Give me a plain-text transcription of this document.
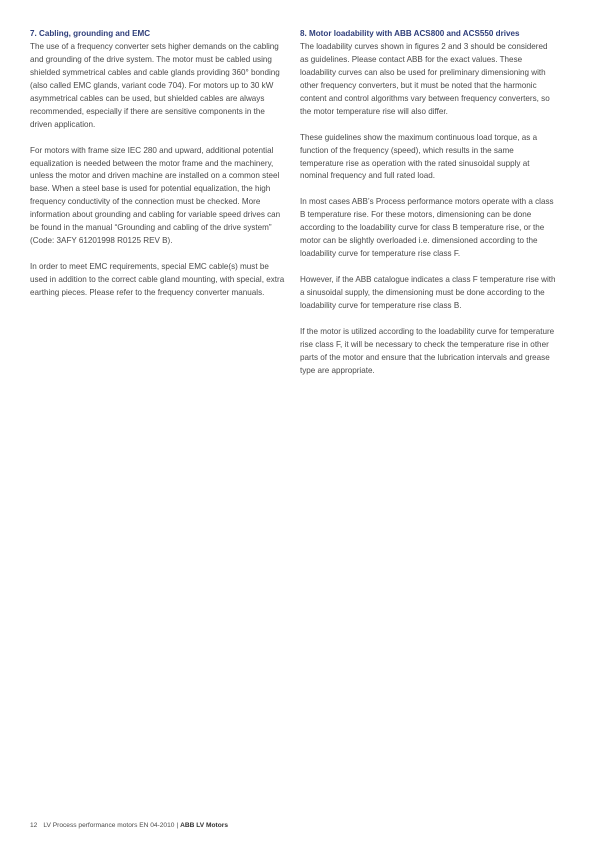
7. Cabling, grounding and EMC

The use of a frequency converter sets higher demands on the cabling and grounding of the drive system. The motor must be cabled using shielded symmetrical cables and cable glands providing 360° bonding (also called EMC glands, variant code 704). For motors up to 30 kW asymmetrical cables can be used, but shielded cables are always recommended, especially if there are sensitive components in the driven application.

For motors with frame size IEC 280 and upward, additional potential equalization is needed between the motor frame and the machinery, unless the motor and driven machine are installed on a common steel base. When a steel base is used for potential equalization, the high frequency conductivity of the connection must be checked. More information about grounding and cabling for variable speed drives can be found in the manual “Grounding and cabling of the drive system” (Code: 3AFY 61201998 R0125 REV B).

In order to meet EMC requirements, special EMC cable(s) must be used in addition to the correct cable gland mounting, with special, extra earthing pieces. Please refer to the frequency converter manuals.

8. Motor loadability with ABB ACS800 and ACS550 drives

The loadability curves shown in figures 2 and 3 should be considered as guidelines. Please contact ABB for the exact values. These loadability curves can also be used for preliminary dimensioning with other frequency converters, but it must be noted that the harmonic content and control algorithms vary between frequency converters, so the motor temperature rise will also differ.

These guidelines show the maximum continuous load torque, as a function of the frequency (speed), which results in the same temperature rise as operation with the rated sinusoidal supply at nominal frequency and full rated load.

In most cases ABB’s Process performance motors operate with a class B temperature rise. For these motors, dimensioning can be done according to the loadability curve for class B temperature rise, or the motor can be slightly overloaded i.e. dimensioned according to the loadability curve for temperature rise class F.

However, if the ABB catalogue indicates a class F temperature rise with a sinusoidal supply, the dimensioning must be done according to the loadability curve for temperature rise class B.

If the motor is utilized according to the loadability curve for temperature rise class F, it will be necessary to check the temperature rise in other parts of the motor and ensure that the lubrication intervals and grease type are appropriate.

12 LV Process performance motors EN 04-2010 | ABB LV Motors
